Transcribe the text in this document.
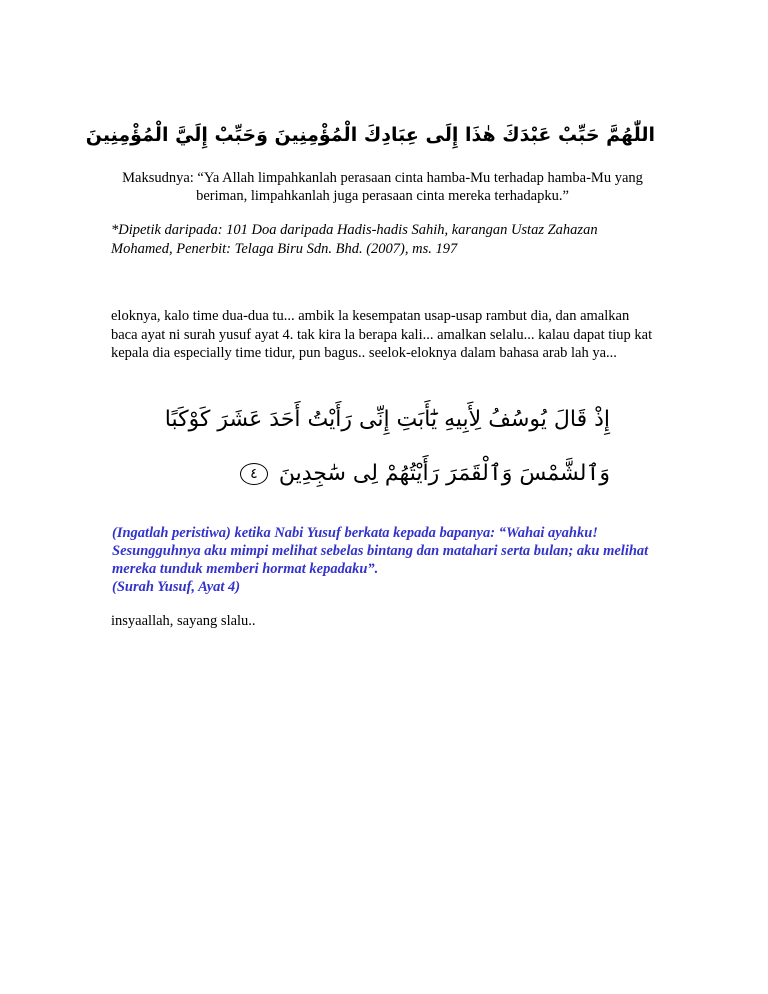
اللّٰهُمَّ حَبِّبْ عَبْدَكَ هٰذَا إِلَى عِبَادِكَ الْمُؤْمِنِينَ وَحَبِّبْ إِلَيَّ الْمُؤْمِنِينَ
Maksudnya: “Ya Allah limpahkanlah perasaan cinta hamba-Mu terhadap hamba-Mu yang beriman, limpahkanlah juga perasaan cinta mereka terhadapku.”
*Dipetik daripada: 101 Doa daripada Hadis-hadis Sahih, karangan Ustaz Zahazan Mohamed, Penerbit: Telaga Biru Sdn. Bhd. (2007), ms. 197
eloknya, kalo time dua-dua tu... ambik la kesempatan usap-usap rambut dia, dan amalkan baca ayat ni surah yusuf ayat 4. tak kira la berapa kali... amalkan selalu... kalau dapat tiup kat kepala dia especially time tidur, pun bagus.. seelok-eloknya dalam bahasa arab lah ya...
إِذْ قَالَ يُوسُفُ لِأَبِيهِ يَٰٓأَبَتِ إِنِّى رَأَيْتُ أَحَدَ عَشَرَ كَوْكَبًا
وَٱلشَّمْسَ وَٱلْقَمَرَ رَأَيْتُهُمْ لِى سَٰجِدِينَ ٤
(Ingatlah peristiwa) ketika Nabi Yusuf berkata kepada bapanya: “Wahai ayahku! Sesungguhnya aku mimpi melihat sebelas bintang dan matahari serta bulan; aku melihat mereka tunduk memberi hormat kepadaku”.
(Surah Yusuf, Ayat 4)
insyaallah, sayang slalu..
